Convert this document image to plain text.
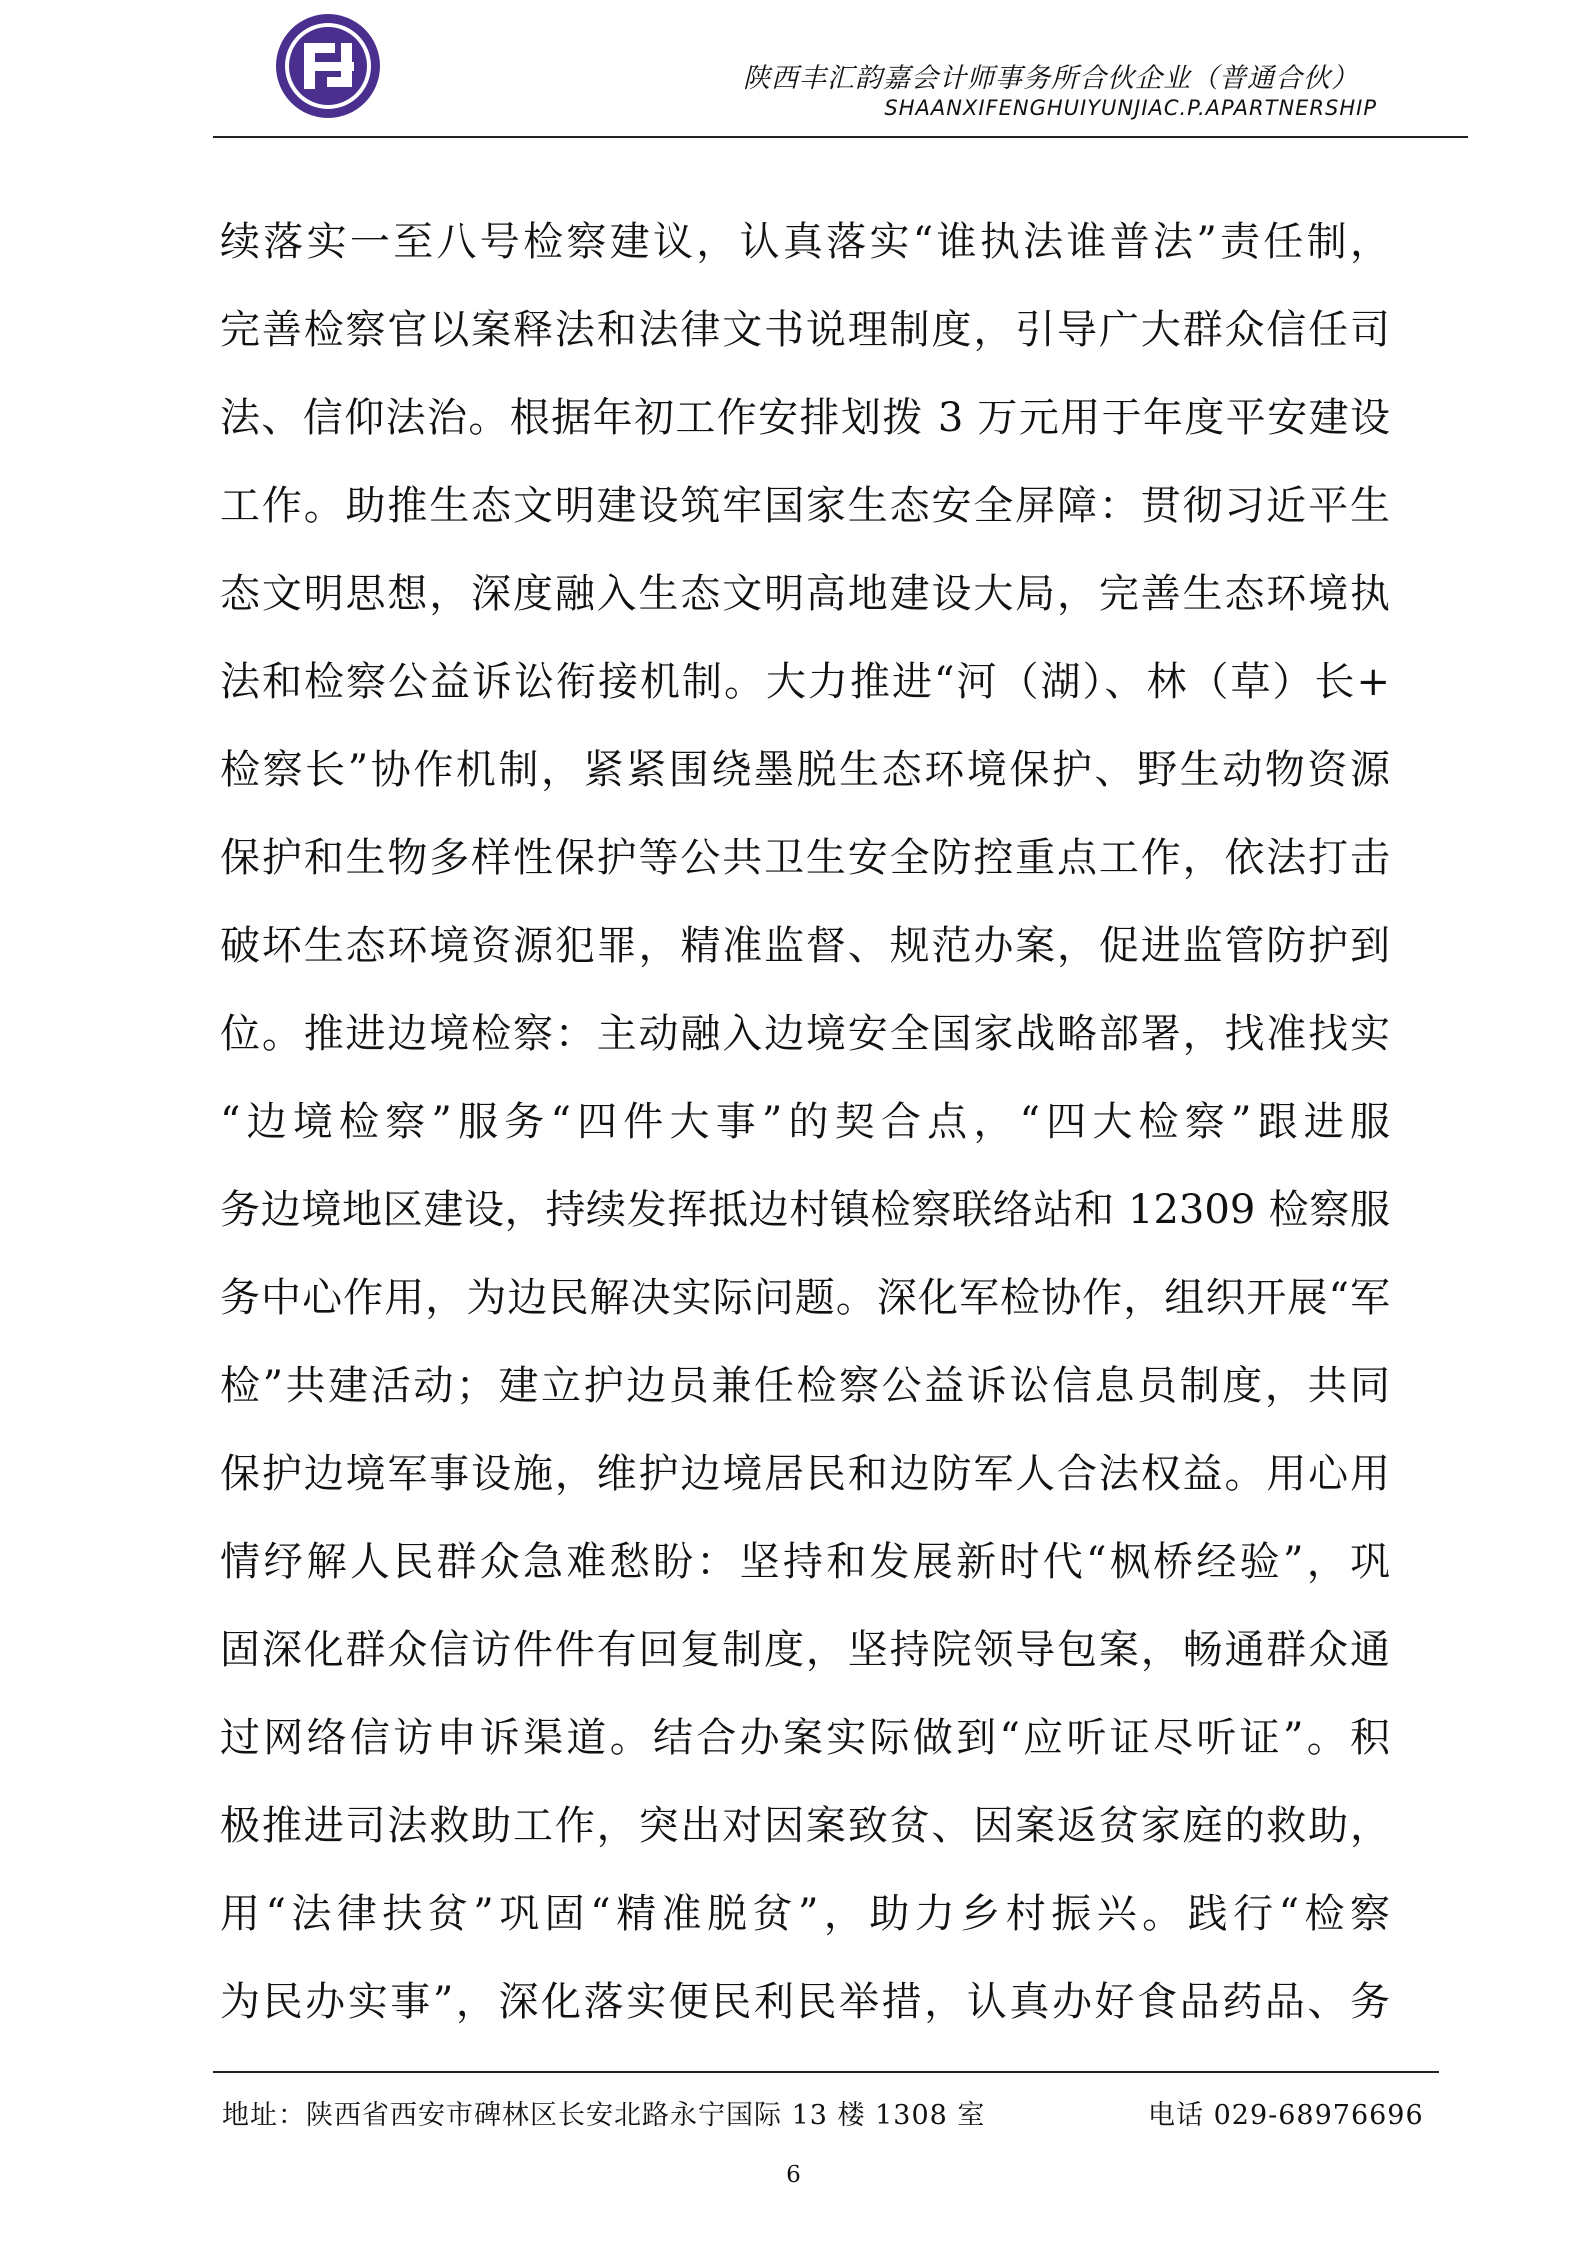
陕西丰汇韵嘉会计师事务所合伙企业（普通合伙）
SHAANXIFENGHUIYUNJIAC.P.APARTNERSHIP
续落实一至八号检察建议，认真落实“谁执法谁普法”责任制，
完善检察官以案释法和法律文书说理制度，引导广大群众信任司
法、信仰法治。根据年初工作安排划拨 3 万元用于年度平安建设
工作。助推生态文明建设筑牢国家生态安全屏障：贯彻习近平生
态文明思想，深度融入生态文明高地建设大局，完善生态环境执
法和检察公益诉讼衔接机制。大力推进“河（湖）、林（草）长+
检察长”协作机制，紧紧围绕墨脱生态环境保护、野生动物资源
保护和生物多样性保护等公共卫生安全防控重点工作，依法打击
破坏生态环境资源犯罪，精准监督、规范办案，促进监管防护到
位。推进边境检察：主动融入边境安全国家战略部署，找准找实
“边境检察”服务“四件大事”的契合点，“四大检察”跟进服
务边境地区建设，持续发挥抵边村镇检察联络站和 12309 检察服
务中心作用，为边民解决实际问题。深化军检协作，组织开展“军
检”共建活动；建立护边员兼任检察公益诉讼信息员制度，共同
保护边境军事设施，维护边境居民和边防军人合法权益。用心用
情纾解人民群众急难愁盼：坚持和发展新时代“枫桥经验”，巩
固深化群众信访件件有回复制度，坚持院领导包案，畅通群众通
过网络信访申诉渠道。结合办案实际做到“应听证尽听证”。积
极推进司法救助工作，突出对因案致贫、因案返贫家庭的救助，
用“法律扶贫”巩固“精准脱贫”，助力乡村振兴。践行“检察
为民办实事”，深化落实便民利民举措，认真办好食品药品、务
地址：陕西省西安市碑林区长安北路永宁国际 13 楼 1308 室	电话 029-68976696
6
